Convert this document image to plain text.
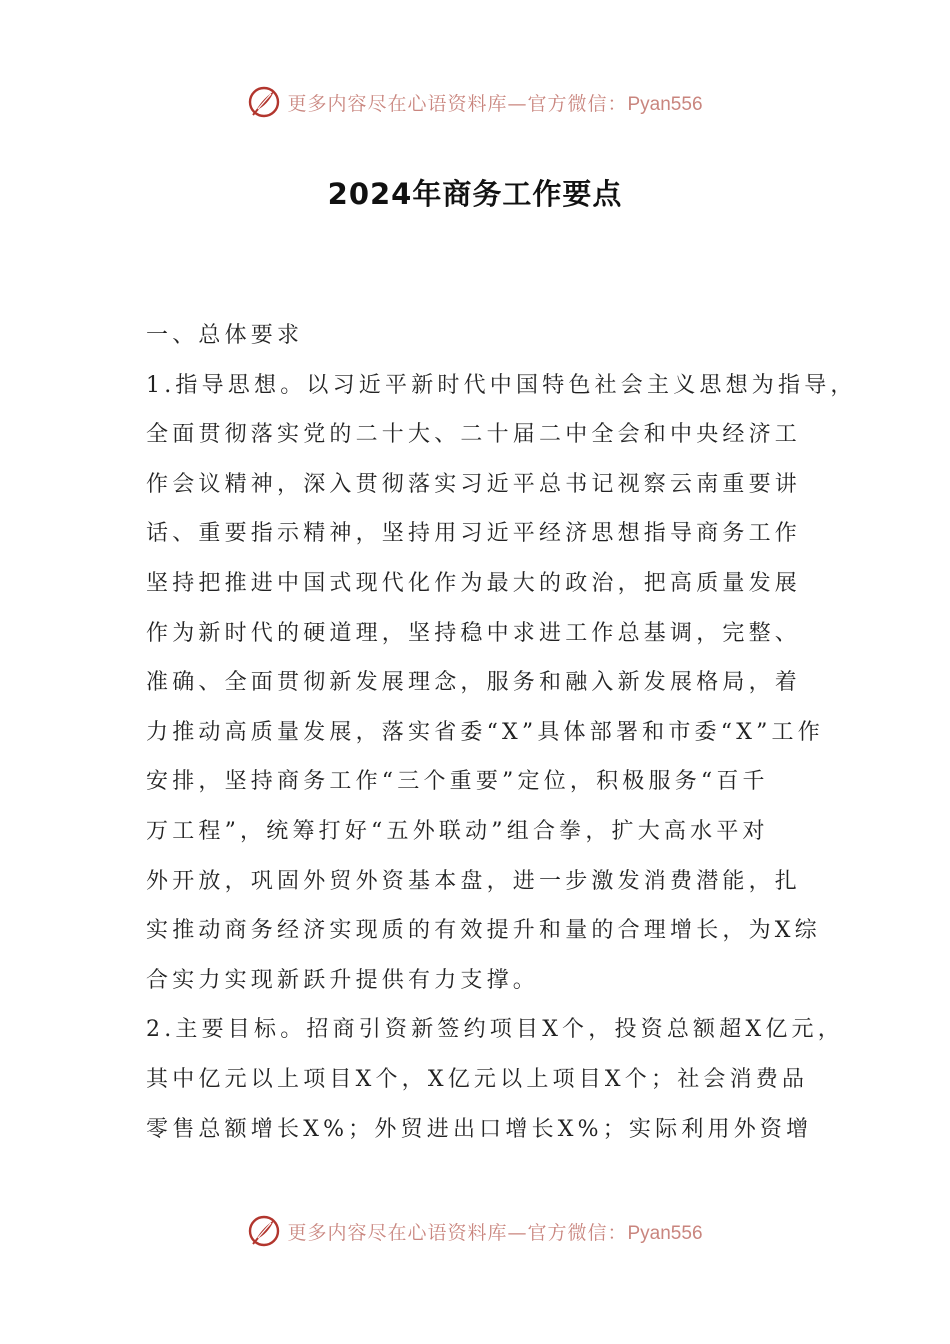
更多内容尽在心语资料库—官方微信：Pyan556
2024年商务工作要点
一、总体要求
1.指导思想。以习近平新时代中国特色社会主义思想为指导，
全面贯彻落实党的二十大、二十届二中全会和中央经济工
作会议精神，深入贯彻落实习近平总书记视察云南重要讲
话、重要指示精神，坚持用习近平经济思想指导商务工作
坚持把推进中国式现代化作为最大的政治，把高质量发展
作为新时代的硬道理，坚持稳中求进工作总基调，完整、
准确、全面贯彻新发展理念，服务和融入新发展格局，着
力推动高质量发展，落实省委“X”具体部署和市委“X”工作
安排，坚持商务工作“三个重要”定位，积极服务“百千
万工程”，统筹打好“五外联动”组合拳，扩大高水平对
外开放，巩固外贸外资基本盘，进一步激发消费潜能，扎
实推动商务经济实现质的有效提升和量的合理增长，为X综
合实力实现新跃升提供有力支撑。
2.主要目标。招商引资新签约项目X个，投资总额超X亿元，
其中亿元以上项目X个，X亿元以上项目X个；社会消费品
零售总额增长X%；外贸进出口增长X%；实际利用外资增
更多内容尽在心语资料库—官方微信：Pyan556
